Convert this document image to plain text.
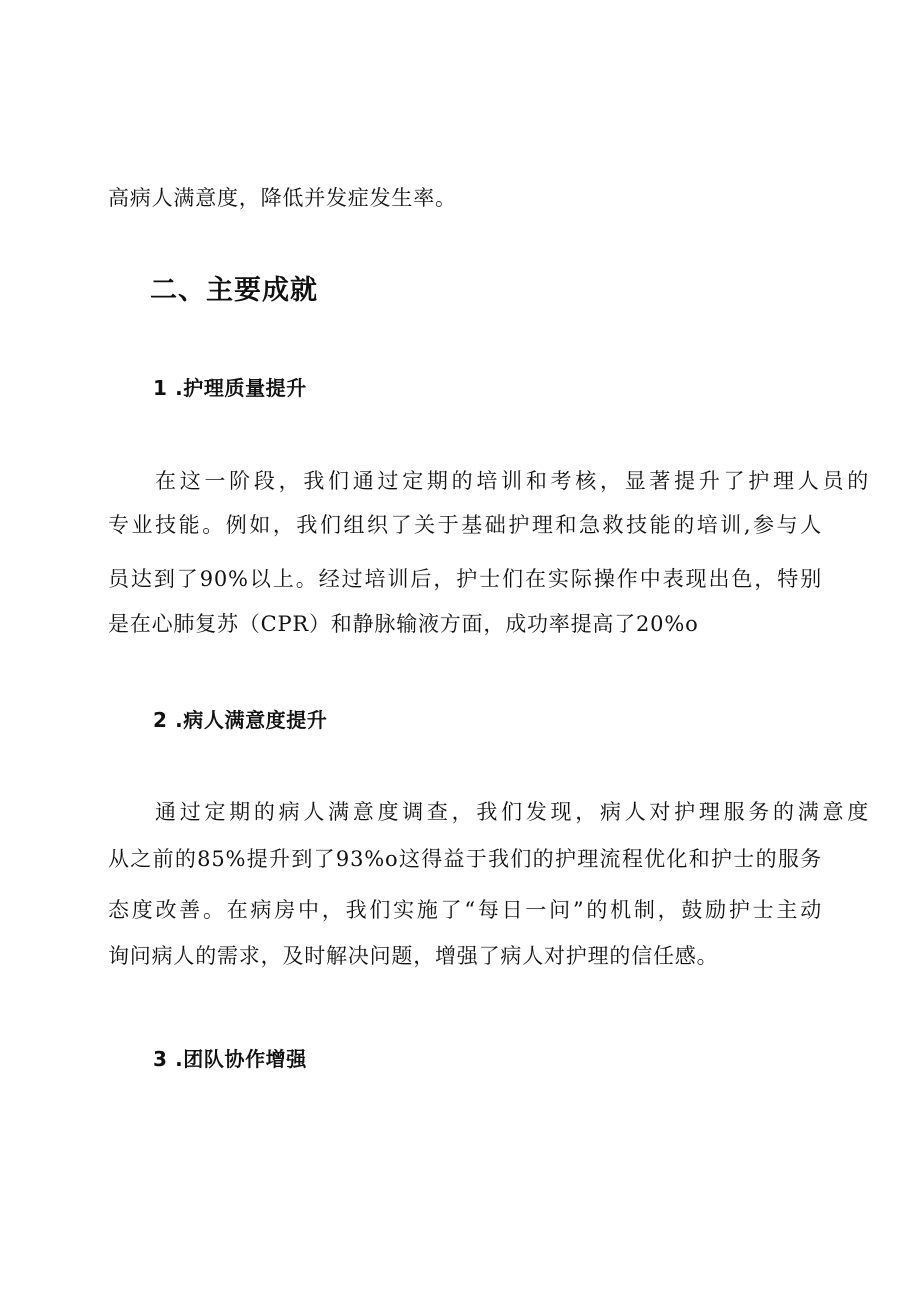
高病人满意度，降低并发症发生率。
二、主要成就
1 .护理质量提升
在这一阶段，我们通过定期的培训和考核，显著提升了护理人员的
专业技能。例如，我们组织了关于基础护理和急救技能的培训,参与人
员达到了90%以上。经过培训后，护士们在实际操作中表现出色，特别
是在心肺复苏（CPR）和静脉输液方面，成功率提高了20%o
2 .病人满意度提升
通过定期的病人满意度调查，我们发现，病人对护理服务的满意度
从之前的85%提升到了93%o这得益于我们的护理流程优化和护士的服务
态度改善。在病房中，我们实施了“每日一问”的机制，鼓励护士主动
询问病人的需求，及时解决问题，增强了病人对护理的信任感。
3 .团队协作增强
